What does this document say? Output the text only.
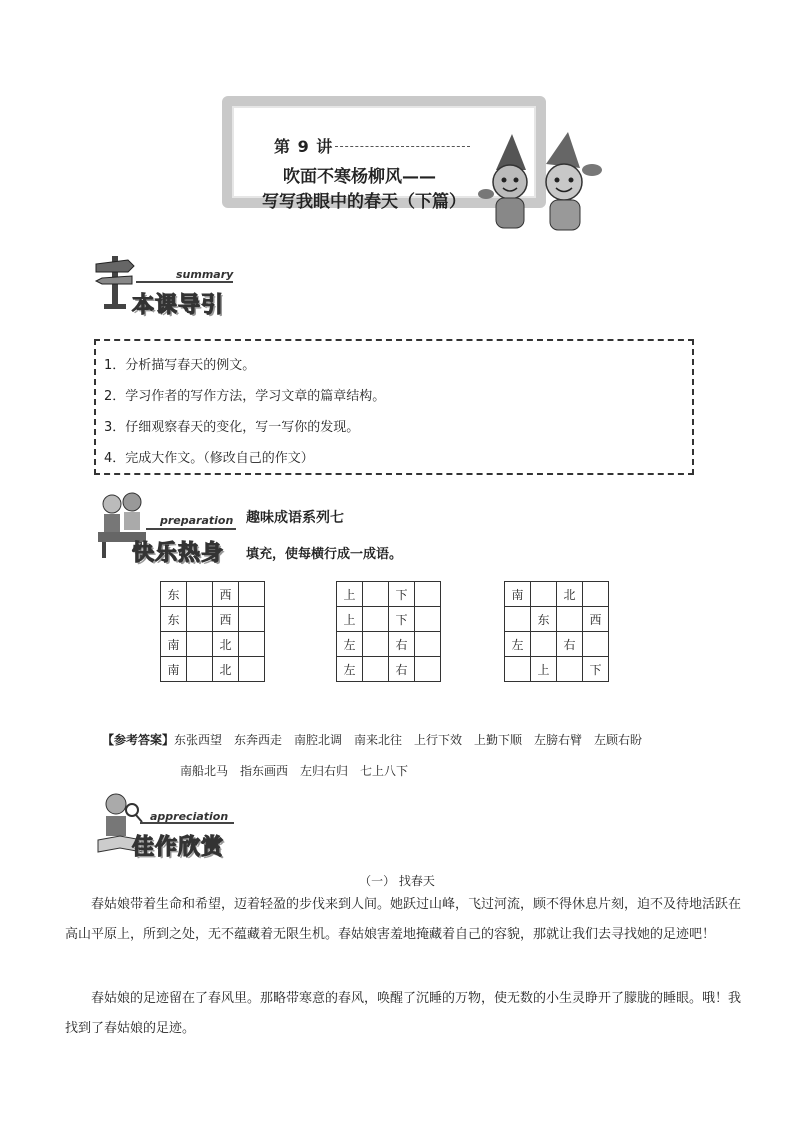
第 9 讲
吹面不寒杨柳风——
写写我眼中的春天（下篇）
summary
本课导引
1．分析描写春天的例文。
2．学习作者的写作方法，学习文章的篇章结构。
3．仔细观察春天的变化，写一写你的发现。
4．完成大作文。（修改自己的作文）
preparation
快乐热身
趣味成语系列七
填充，使每横行成一成语。
东		西	
东		西	
南		北	
南		北	
上		下	
上		下	
左		右	
左		右	
南		北	
	东		西
左		右	
	上		下
【参考答案】东张西望　东奔西走　南腔北调　南来北往　上行下效　上勤下顺　左膀右臂　左顾右盼
南船北马　指东画西　左归右归　七上八下
appreciation
佳作欣赏
（一） 找春天
春姑娘带着生命和希望，迈着轻盈的步伐来到人间。她跃过山峰，飞过河流，顾不得休息片刻，迫不及待地活跃在高山平原上，所到之处，无不蕴藏着无限生机。春姑娘害羞地掩藏着自己的容貌，那就让我们去寻找她的足迹吧！
春姑娘的足迹留在了春风里。那略带寒意的春风，唤醒了沉睡的万物，使无数的小生灵睁开了朦胧的睡眼。哦！我找到了春姑娘的足迹。
